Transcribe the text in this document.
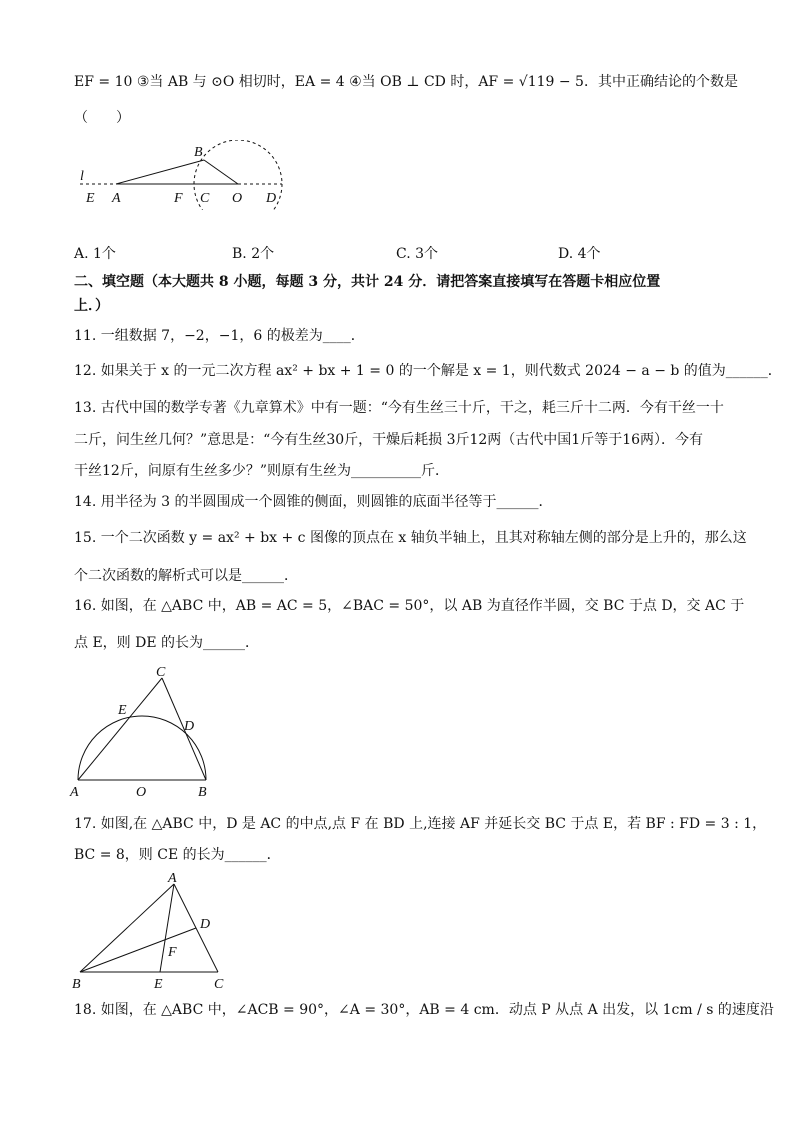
EF = 10 ③当 AB 与 ⊙O 相切时，EA = 4 ④当 OB ⊥ CD 时，AF = √119 − 5．其中正确结论的个数是
（　　）
l
B
E A	F C O D
A. 1个	B. 2个	C. 3个	D. 4个
二、填空题（本大题共 8 小题，每题 3 分，共计 24 分．请把答案直接填写在答题卡相应位置
上．）
11. 一组数据 7，−2，−1，6 的极差为____．
12. 如果关于 x 的一元二次方程 ax² + bx + 1 = 0 的一个解是 x = 1，则代数式 2024 − a − b 的值为______．
13. 古代中国的数学专著《九章算术》中有一题：“今有生丝三十斤，干之，耗三斤十二两．今有干丝一十
二斤，问生丝几何？”意思是：“今有生丝30斤，干燥后耗损 3斤12两（古代中国1斤等于16两）．今有
干丝12斤，问原有生丝多少？”则原有生丝为__________斤．
14. 用半径为 3 的半圆围成一个圆锥的侧面，则圆锥的底面半径等于______．
15. 一个二次函数 y = ax² + bx + c 图像的顶点在 x 轴负半轴上，且其对称轴左侧的部分是上升的，那么这
个二次函数的解析式可以是______．
16. 如图，在 △ABC 中，AB = AC = 5，∠BAC = 50°，以 AB 为直径作半圆，交 BC 于点 D，交 AC 于
点 E，则 DE 的长为______．
C
E
D
A	O	B
17. 如图,在 △ABC 中，D 是 AC 的中点,点 F 在 BD 上,连接 AF 并延长交 BC 于点 E，若 BF : FD = 3 : 1，
BC = 8，则 CE 的长为______．
A
D
F
B	E	C
18. 如图，在 △ABC 中，∠ACB = 90°，∠A = 30°，AB = 4 cm．动点 P 从点 A 出发，以 1cm / s 的速度沿
